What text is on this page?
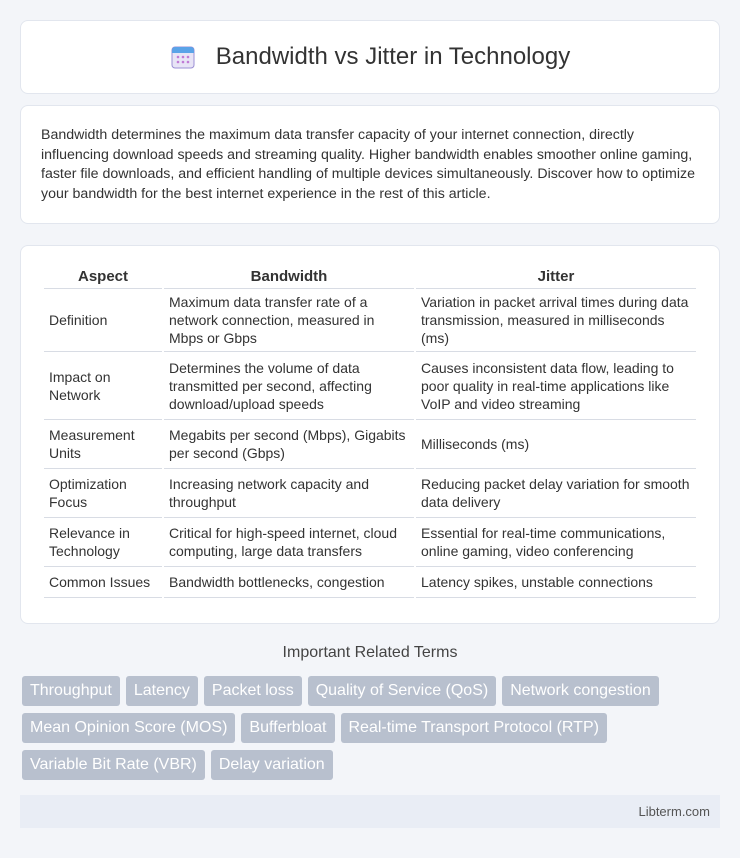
Bandwidth vs Jitter in Technology

Bandwidth determines the maximum data transfer capacity of your internet connection, directly influencing download speeds and streaming quality. Higher bandwidth enables smoother online gaming, faster file downloads, and efficient handling of multiple devices simultaneously. Discover how to optimize your bandwidth for the best internet experience in the rest of this article.

Aspect	Bandwidth	Jitter
Definition	Maximum data transfer rate of a network connection, measured in Mbps or Gbps	Variation in packet arrival times during data transmission, measured in milliseconds (ms)
Impact on Network	Determines the volume of data transmitted per second, affecting download/upload speeds	Causes inconsistent data flow, leading to poor quality in real-time applications like VoIP and video streaming
Measurement Units	Megabits per second (Mbps), Gigabits per second (Gbps)	Milliseconds (ms)
Optimization Focus	Increasing network capacity and throughput	Reducing packet delay variation for smooth data delivery
Relevance in Technology	Critical for high-speed internet, cloud computing, large data transfers	Essential for real-time communications, online gaming, video conferencing
Common Issues	Bandwidth bottlenecks, congestion	Latency spikes, unstable connections
Important Related Terms
Throughput	Latency	Packet loss	Quality of Service (QoS)	Network congestion
Mean Opinion Score (MOS)	Bufferbloat	Real-time Transport Protocol (RTP)
Variable Bit Rate (VBR)	Delay variation
Libterm.com
